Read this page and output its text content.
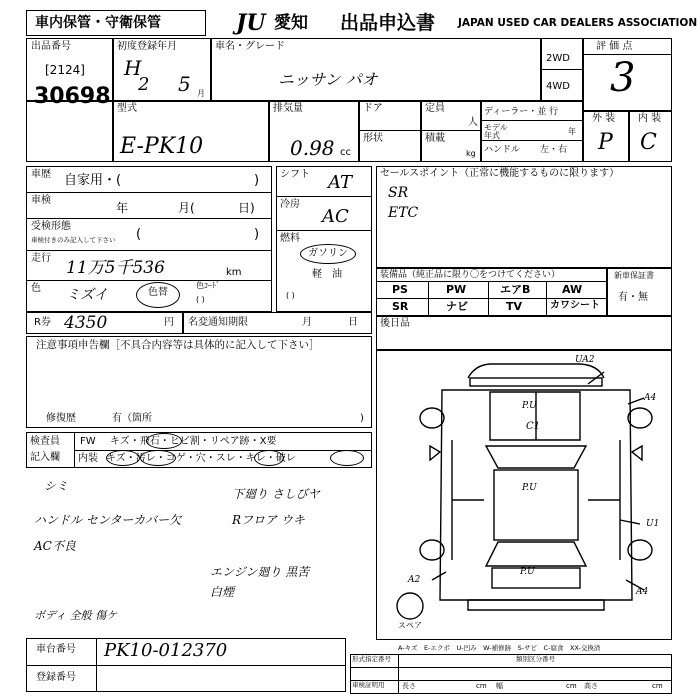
車内保管・守衛保管	JU 愛知 出品申込書 JAPAN USED CAR DEALERS ASSOCIATION
出品番号
[2124]
30698
初度登録年月
H
2 5 月
車名・グレード
ニッサン パオ
2WD
4WD
評 価 点
3
外 装 内 装
P C
型式
E-PK10
排気量
0.98 cc
ドア	定員
人
形状	積載
kg
ディーラー・並 行
モデル 年式	年
ハンドル 左・右
車歴 自家用・(	)
車検
年	月(	日)
受検形態
車検付きのみ記入して下さい (	)
走行 11万5千536	km
色 ミズイ	色替
色ｺｰﾄﾞ
( )
シフト AT
冷房
AC
燃料
ガソリン
軽　油
( )
セールスポイント（正常に機能するものに限ります）
SR
ETC
装備品（純正品に限り〇をつけてください）
PS	PW	エアB	AW
SR	ナビ	TV	カワシート
新車保証書
有・無
R券 4350	円 名変通知期限	月	日 後日品
注意事項申告欄［不具合内容等は具体的に記入して下さい］
修復歴	有（箇所	)
検査員
記入欄
FW キズ・飛石・ヒビ割・リペア跡・X要
内装 キズ・汚レ・コゲ・穴・スレ・キレ・破レ
シミ
ハンドル センターカバー欠
AC不良
下廻り さしびヤ
Rフロア ウキ
エンジン廻り 黒苦
白煙
ボディ 全般 傷ケ
UA2
A4
P.U
C1
P.U
P.U
A2
A4
U1
スペア
車台番号 PK10-012370
登録番号
A-キズ　E-エクボ　U-凹み　W-補修跡　S-サビ　C-腐食　XX-交換済
形式指定番号	類別区分番号
車検証明用	長さ	幅	高さ
cm	cm	cm
